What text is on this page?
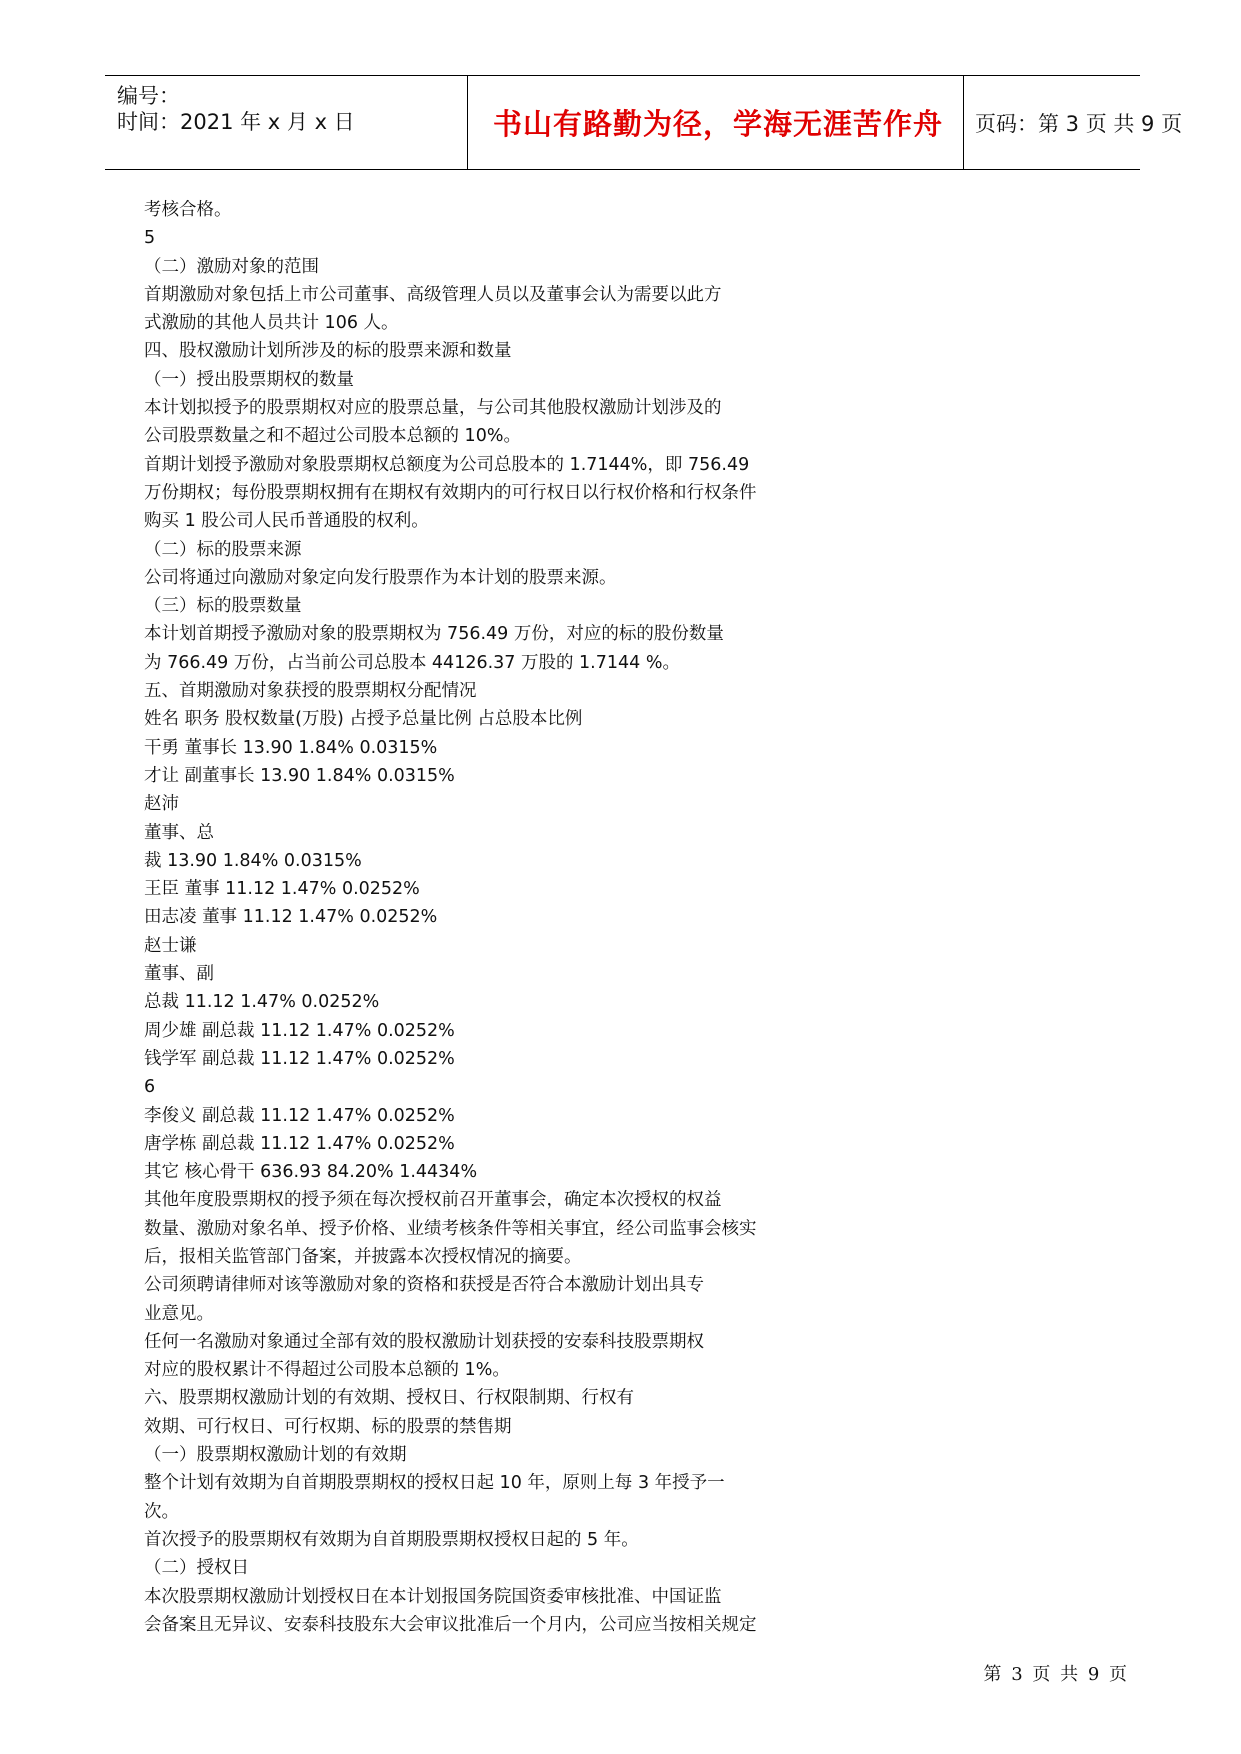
编号：
时间：2021 年 x 月 x 日	书山有路勤为径，学海无涯苦作舟	页码：第 3 页 共 9 页
考核合格。
5
（二）激励对象的范围
首期激励对象包括上市公司董事、高级管理人员以及董事会认为需要以此方
式激励的其他人员共计 106 人。
四、股权激励计划所涉及的标的股票来源和数量
（一）授出股票期权的数量
本计划拟授予的股票期权对应的股票总量，与公司其他股权激励计划涉及的
公司股票数量之和不超过公司股本总额的 10%。
首期计划授予激励对象股票期权总额度为公司总股本的 1.7144%，即 756.49
万份期权；每份股票期权拥有在期权有效期内的可行权日以行权价格和行权条件
购买 1 股公司人民币普通股的权利。
（二）标的股票来源
公司将通过向激励对象定向发行股票作为本计划的股票来源。
（三）标的股票数量
本计划首期授予激励对象的股票期权为 756.49 万份，对应的标的股份数量
为 766.49 万份，占当前公司总股本 44126.37 万股的 1.7144 %。
五、首期激励对象获授的股票期权分配情况
姓名 职务 股权数量(万股) 占授予总量比例 占总股本比例
干勇 董事长 13.90 1.84% 0.0315%
才让 副董事长 13.90 1.84% 0.0315%
赵沛
董事、总
裁 13.90 1.84% 0.0315%
王臣 董事 11.12 1.47% 0.0252%
田志凌 董事 11.12 1.47% 0.0252%
赵士谦
董事、副
总裁 11.12 1.47% 0.0252%
周少雄 副总裁 11.12 1.47% 0.0252%
钱学军 副总裁 11.12 1.47% 0.0252%
6
李俊义 副总裁 11.12 1.47% 0.0252%
唐学栋 副总裁 11.12 1.47% 0.0252%
其它 核心骨干 636.93 84.20% 1.4434%
其他年度股票期权的授予须在每次授权前召开董事会，确定本次授权的权益
数量、激励对象名单、授予价格、业绩考核条件等相关事宜，经公司监事会核实
后，报相关监管部门备案，并披露本次授权情况的摘要。
公司须聘请律师对该等激励对象的资格和获授是否符合本激励计划出具专
业意见。
任何一名激励对象通过全部有效的股权激励计划获授的安泰科技股票期权
对应的股权累计不得超过公司股本总额的 1%。
六、股票期权激励计划的有效期、授权日、行权限制期、行权有
效期、可行权日、可行权期、标的股票的禁售期
（一）股票期权激励计划的有效期
整个计划有效期为自首期股票期权的授权日起 10 年，原则上每 3 年授予一
次。
首次授予的股票期权有效期为自首期股票期权授权日起的 5 年。
（二）授权日
本次股票期权激励计划授权日在本计划报国务院国资委审核批准、中国证监
会备案且无异议、安泰科技股东大会审议批准后一个月内，公司应当按相关规定
第 3 页 共 9 页
